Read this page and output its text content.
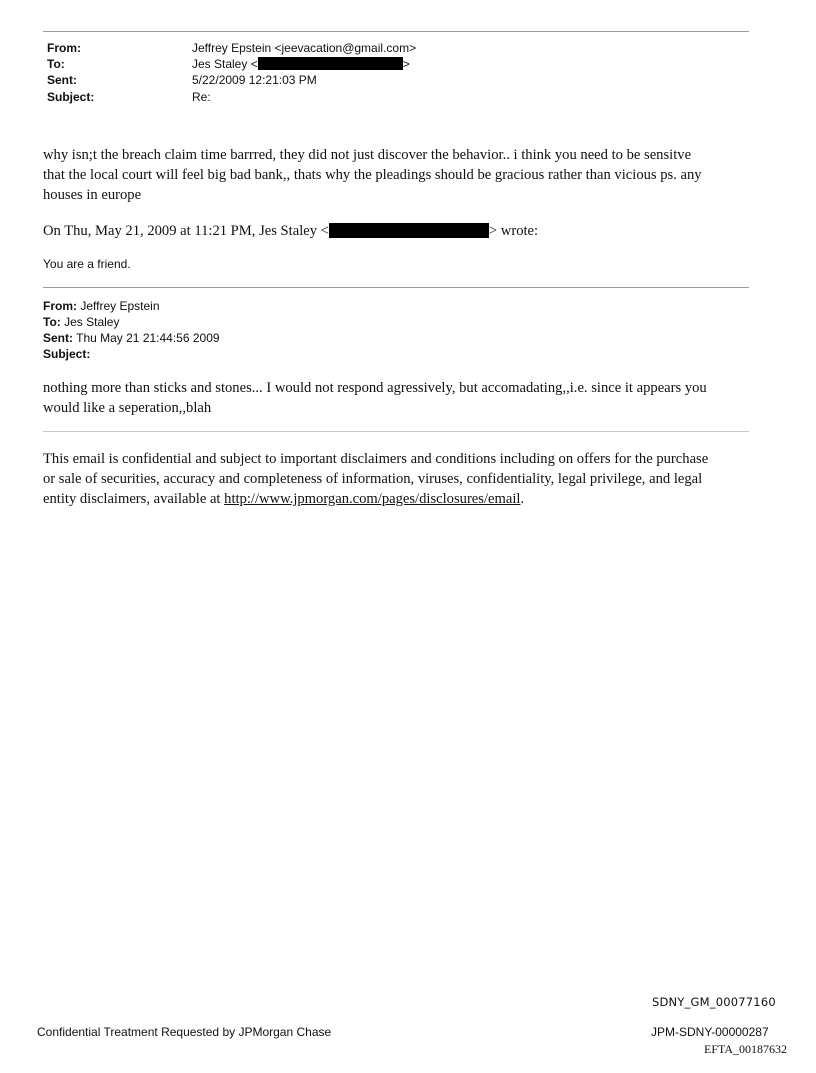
From:	Jeffrey Epstein <jeevacation@gmail.com>
To:	Jes Staley <	>
Sent:	5/22/2009 12:21:03 PM
Subject:	Re:
why isn;t the breach claim time barrred, they did not just discover the behavior.. i think you need to be sensitve
that the local court will feel big bad bank,, thats why the pleadings should be gracious rather than vicious ps. any
houses in europe
On Thu, May 21, 2009 at 11:21 PM, Jes Staley <	> wrote:
You are a friend.
From: Jeffrey Epstein
To: Jes Staley
Sent: Thu May 21 21:44:56 2009
Subject:
nothing more than sticks and stones... I would not respond agressively, but accomadating,,i.e. since it appears you
would like a seperation,,blah
This email is confidential and subject to important disclaimers and conditions including on offers for the purchase
or sale of securities, accuracy and completeness of information, viruses, confidentiality, legal privilege, and legal
entity disclaimers, available at http://www.jpmorgan.com/pages/disclosures/email.
SDNY_GM_00077160
Confidential Treatment Requested by JPMorgan Chase	JPM-SDNY-00000287
EFTA_00187632
